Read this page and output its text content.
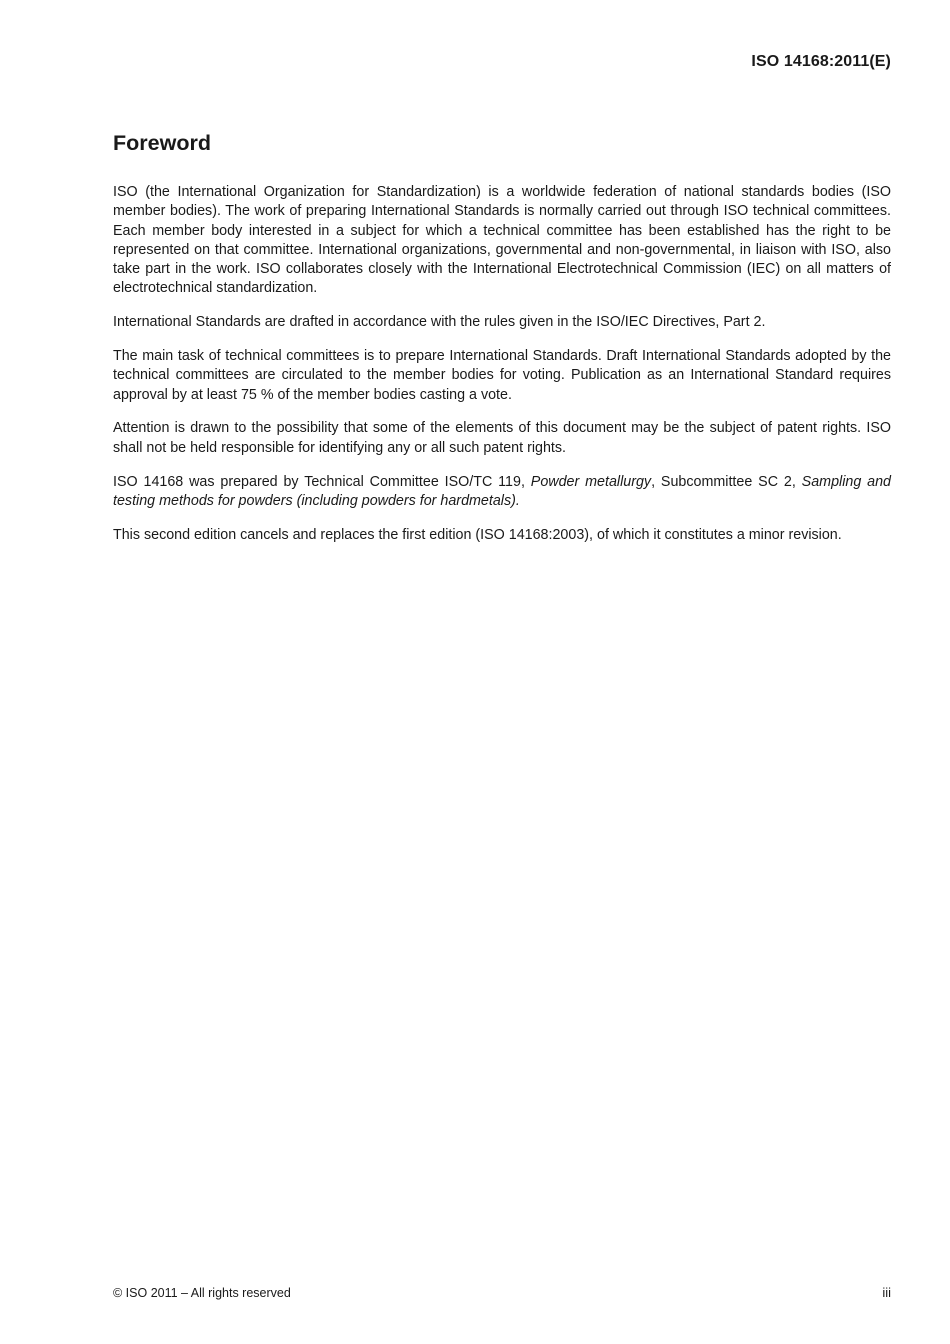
ISO 14168:2011(E)
Foreword

ISO (the International Organization for Standardization) is a worldwide federation of national standards bodies (ISO member bodies). The work of preparing International Standards is normally carried out through ISO technical committees. Each member body interested in a subject for which a technical committee has been established has the right to be represented on that committee. International organizations, governmental and non-governmental, in liaison with ISO, also take part in the work. ISO collaborates closely with the International Electrotechnical Commission (IEC) on all matters of electrotechnical standardization.

International Standards are drafted in accordance with the rules given in the ISO/IEC Directives, Part 2.

The main task of technical committees is to prepare International Standards. Draft International Standards adopted by the technical committees are circulated to the member bodies for voting. Publication as an International Standard requires approval by at least 75 % of the member bodies casting a vote.

Attention is drawn to the possibility that some of the elements of this document may be the subject of patent rights. ISO shall not be held responsible for identifying any or all such patent rights.

ISO 14168 was prepared by Technical Committee ISO/TC 119, Powder metallurgy, Subcommittee SC 2, Sampling and testing methods for powders (including powders for hardmetals).

This second edition cancels and replaces the first edition (ISO 14168:2003), of which it constitutes a minor revision.

© ISO 2011 – All rights reserved	iii
